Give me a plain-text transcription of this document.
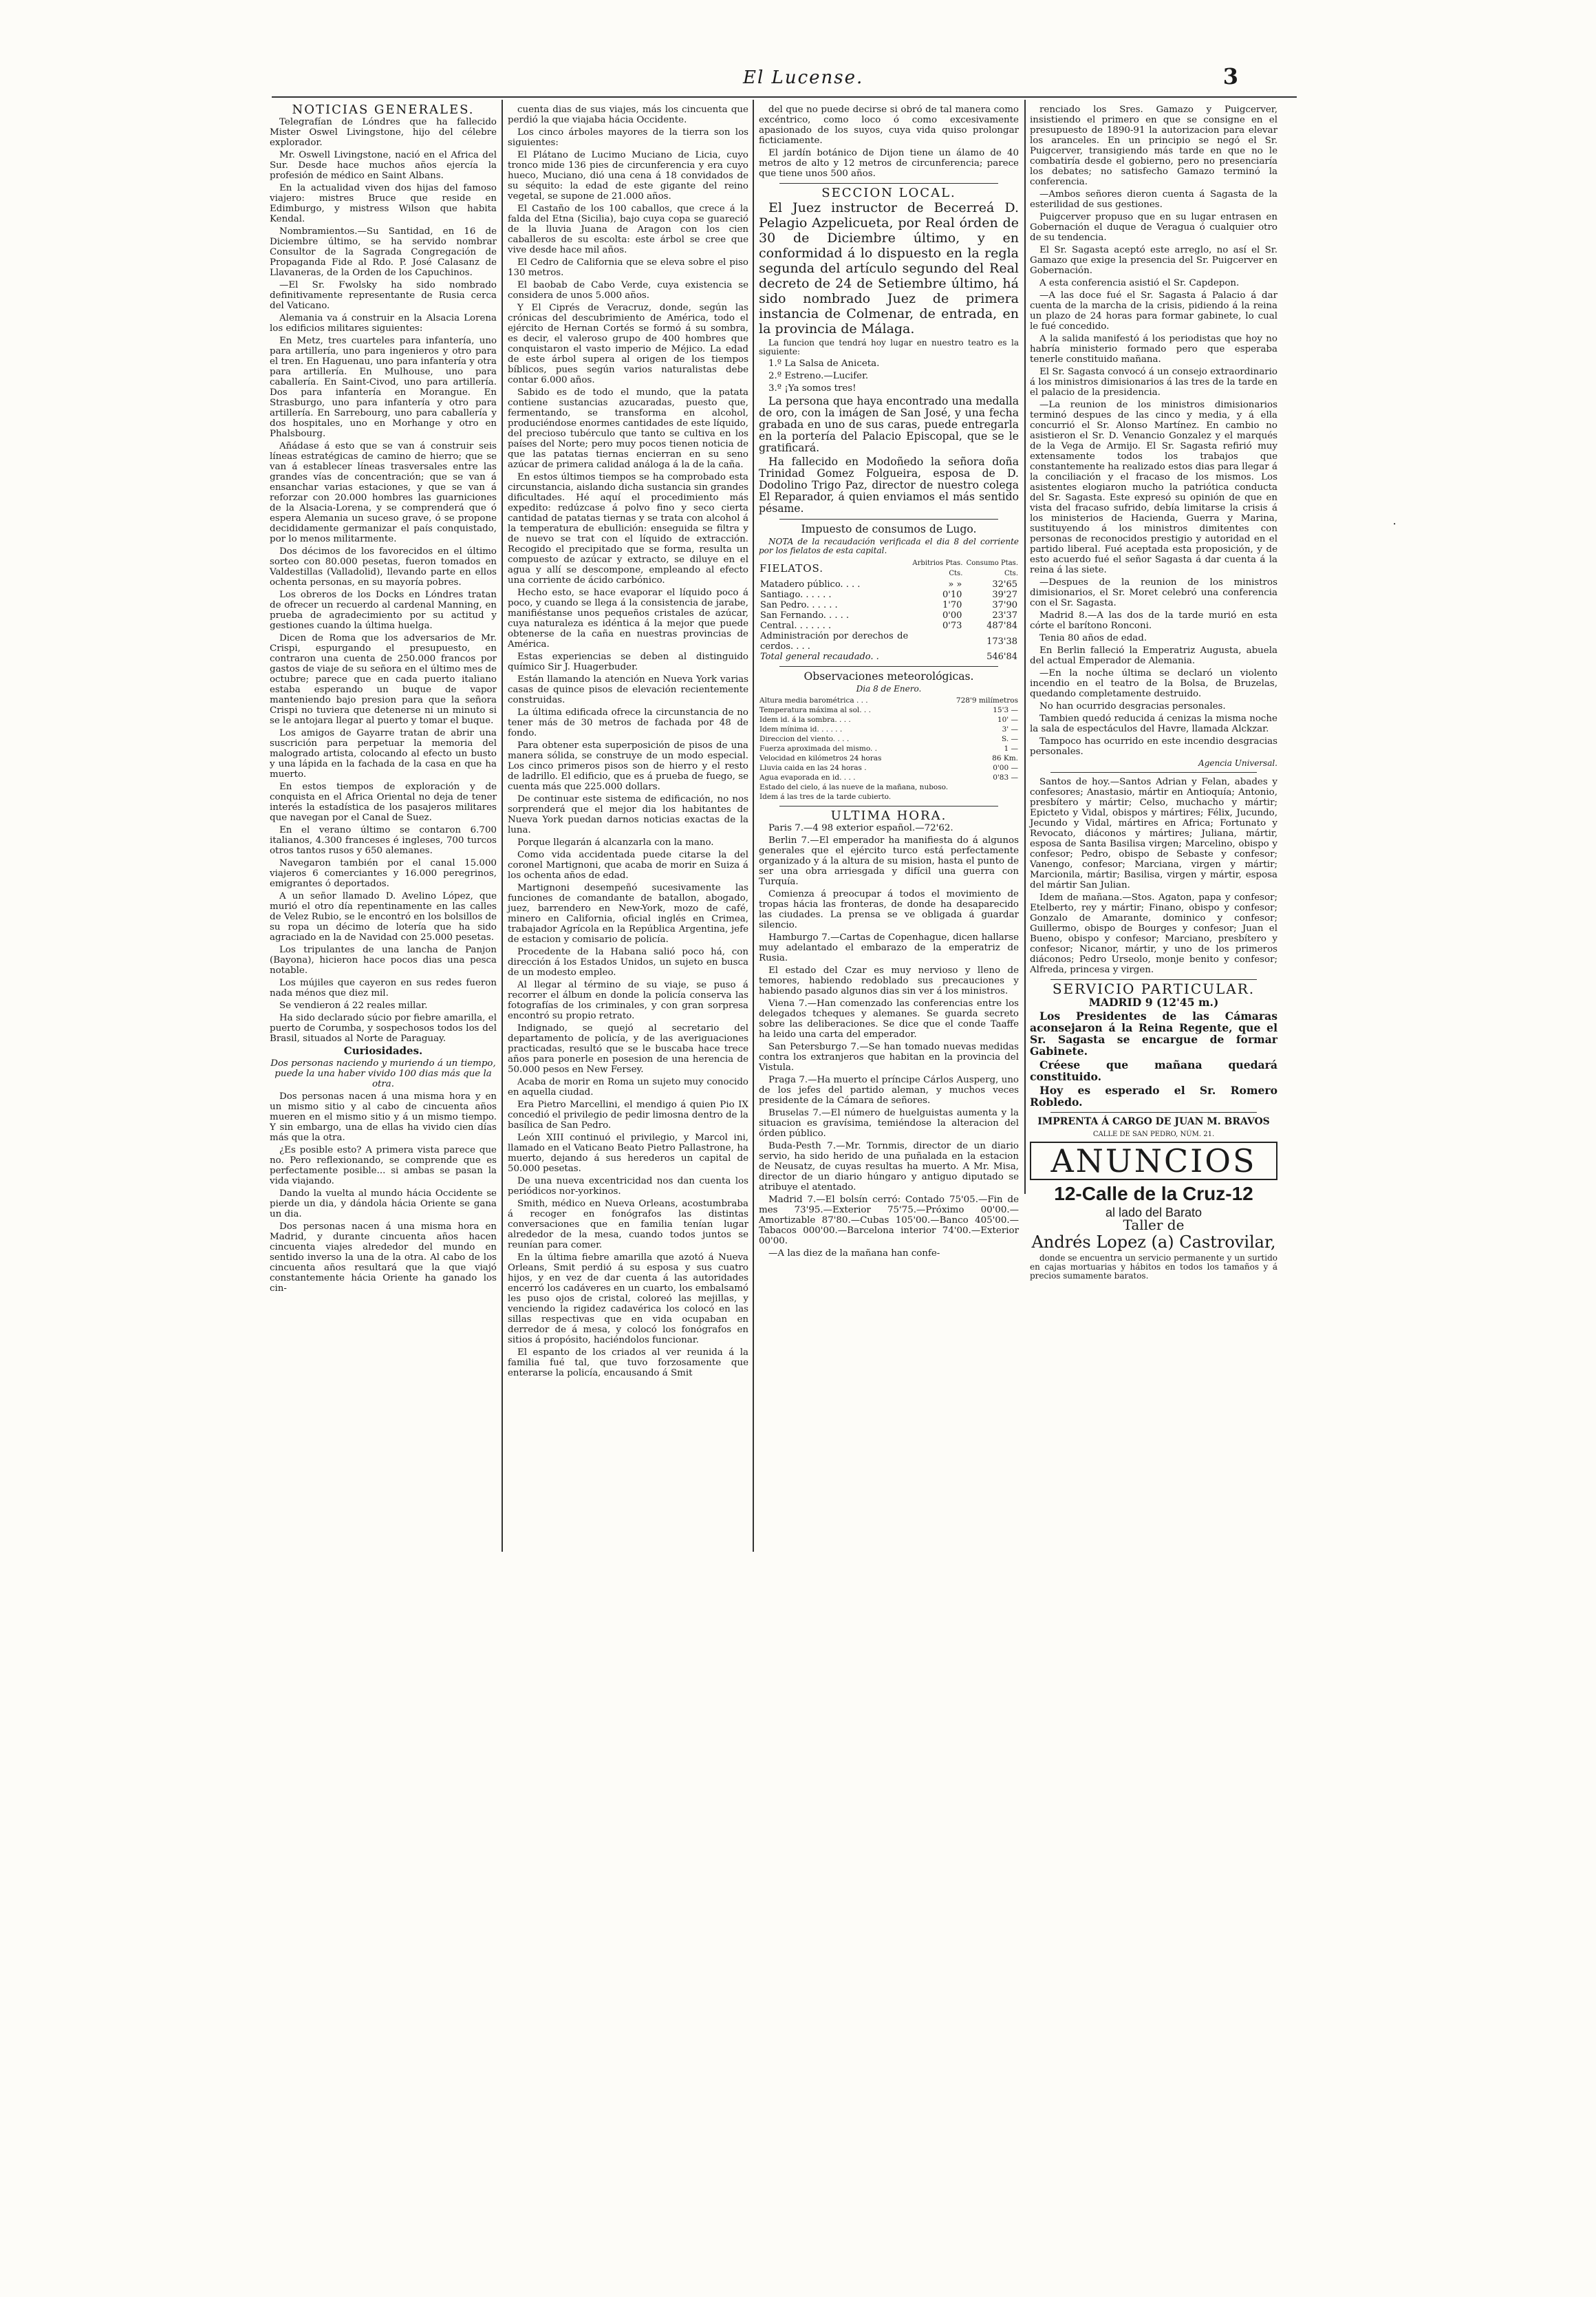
El Lucense.	3

NOTICIAS GENERALES.

Telegrafían de Lóndres que ha fallecido Mister Oswel Livingstone, hijo del célebre explorador.

Mr. Oswell Livingstone, nació en el Africa del Sur. Desde hace muchos años ejercía la profesión de médico en Saint Albans.

En la actualidad viven dos hijas del famoso viajero: mistres Bruce que reside en Edimburgo, y mistress Wilson que habita Kendal.

Nombramientos.—Su Santidad, en 16 de Diciembre último, se ha servido nombrar Consultor de la Sagrada Congregación de Propaganda Fide al Rdo. P. José Calasanz de Llavaneras, de la Orden de los Capuchinos.

—El Sr. Fwolsky ha sido nombrado definitivamente representante de Rusia cerca del Vaticano.

Alemania va á construir en la Alsacia Lorena los edificios militares siguientes:

En Metz, tres cuarteles para infantería, uno para artillería, uno para ingenieros y otro para el tren. En Haguenau, uno para infantería y otra para artillería. En Mulhouse, uno para caballería. En Saint-Civod, uno para artillería. Dos para infantería en Morangue. En Strasburgo, uno para infantería y otro para artillería. En Sarrebourg, uno para caballería y dos hospitales, uno en Morhange y otro en Phalsbourg.

Añádase á esto que se van á construir seis líneas estratégicas de camino de hierro; que se van á establecer líneas trasversales entre las grandes vías de concentración; que se van á ensanchar varias estaciones, y que se van á reforzar con 20.000 hombres las guarniciones de la Alsacia-Lorena, y se comprenderá que ó espera Alemania un suceso grave, ó se propone decididamente germanizar el país conquistado, por lo menos militarmente.

Dos décimos de los favorecidos en el último sorteo con 80.000 pesetas, fueron tomados en Valdestillas (Valladolid), llevando parte en ellos ochenta personas, en su mayoría pobres.

Los obreros de los Docks en Lóndres tratan de ofrecer un recuerdo al cardenal Manning, en prueba de agradecimiento por su actitud y gestiones cuando la última huelga.

Dicen de Roma que los adversarios de Mr. Crispi, espurgando el presupuesto, en contraron una cuenta de 250.000 francos por gastos de viaje de su señora en el último mes de octubre; parece que en cada puerto italiano estaba esperando un buque de vapor manteniendo bajo presion para que la señora Crispi no tuviera que detenerse ni un minuto si se le antojara llegar al puerto y tomar el buque.

Los amigos de Gayarre tratan de abrir una suscrición para perpetuar la memoria del malogrado artista, colocando al efecto un busto y una lápida en la fachada de la casa en que ha muerto.

En estos tiempos de exploración y de conquista en el Africa Oriental no deja de tener interés la estadística de los pasajeros militares que navegan por el Canal de Suez.

En el verano último se contaron 6.700 italianos, 4.300 franceses é ingleses, 700 turcos otros tantos rusos y 650 alemanes.

Navegaron también por el canal 15.000 viajeros 6 comerciantes y 16.000 peregrinos, emigrantes ó deportados.

A un señor llamado D. Avelino López, que murió el otro día repentinamente en las calles de Velez Rubio, se le encontró en los bolsillos de su ropa un décimo de lotería que ha sido agraciado en la de Navidad con 25.000 pesetas.

Los tripulantes de una lancha de Panjon (Bayona), hicieron hace pocos dias una pesca notable.

Los mújiles que cayeron en sus redes fueron nada ménos que diez mil.

Se vendieron á 22 reales millar.

Ha sido declarado súcio por fiebre amarilla, el puerto de Corumba, y sospechosos todos los del Brasil, situados al Norte de Paraguay.

Curiosidades.

Dos personas naciendo y muriendo á un tiempo, puede la una haber vivido 100 dias más que la otra.

Dos personas nacen á una misma hora y en un mismo sitio y al cabo de cincuenta años mueren en el mismo sitio y á un mismo tiempo. Y sin embargo, una de ellas ha vivido cien días más que la otra.

¿Es posible esto? A primera vista parece que no. Pero reflexionando, se comprende que es perfectamente posible... si ambas se pasan la vida viajando.

Dando la vuelta al mundo hácia Occidente se pierde un dia, y dándola hácia Oriente se gana un dia.

Dos personas nacen á una misma hora en Madrid, y durante cincuenta años hacen cincuenta viajes alrededor del mundo en sentido inverso la una de la otra. Al cabo de los cincuenta años resultará que la que viajó constantemente hácia Oriente ha ganado los cin-

cuenta dias de sus viajes, más los cincuenta que perdió la que viajaba hácia Occidente.

Los cinco árboles mayores de la tierra son los siguientes:

El Plátano de Lucimo Muciano de Licia, cuyo tronco mide 136 pies de circunferencia y era cuyo hueco, Muciano, dió una cena á 18 convidados de su séquito: la edad de este gigante del reino vegetal, se supone de 21.000 años.

El Castaño de los 100 caballos, que crece á la falda del Etna (Sicilia), bajo cuya copa se guareció de la lluvia Juana de Aragon con los cien caballeros de su escolta: este árbol se cree que vive desde hace mil años.

El Cedro de California que se eleva sobre el piso 130 metros.

El baobab de Cabo Verde, cuya existencia se considera de unos 5.000 años.

Y El Ciprés de Veracruz, donde, según las crónicas del descubrimiento de América, todo el ejército de Hernan Cortés se formó á su sombra, es decir, el valeroso grupo de 400 hombres que conquistaron el vasto imperio de Méjico. La edad de este árbol supera al origen de los tiempos bíblicos, pues según varios naturalistas debe contar 6.000 años.

Sabido es de todo el mundo, que la patata contiene sustancias azucaradas, puesto que, fermentando, se transforma en alcohol, produciéndose enormes cantidades de este líquido, del precioso tubérculo que tanto se cultiva en los países del Norte; pero muy pocos tienen noticia de que las patatas tiernas encierran en su seno azúcar de primera calidad análoga á la de la caña.

En estos últimos tiempos se ha comprobado esta circunstancia, aislando dicha sustancia sin grandes dificultades. Hé aquí el procedimiento más expedito: redúzcase á polvo fino y seco cierta cantidad de patatas tiernas y se trata con alcohol á la temperatura de ebullición: enseguida se filtra y de nuevo se trat con el líquido de extracción. Recogido el precipitado que se forma, resulta un compuesto de azúcar y extracto, se diluye en el agua y allí se descompone, empleando al efecto una corriente de ácido carbónico.

Hecho esto, se hace evaporar el líquido poco á poco, y cuando se llega á la consistencia de jarabe, manifiéstanse unos pequeños cristales de azúcar, cuya naturaleza es idéntica á la mejor que puede obtenerse de la caña en nuestras provincias de América.

Estas experiencias se deben al distinguido químico Sir J. Huagerbuder.

Están llamando la atención en Nueva York varias casas de quince pisos de elevación recientemente construidas.

La última edificada ofrece la circunstancia de no tener más de 30 metros de fachada por 48 de fondo.

Para obtener esta superposición de pisos de una manera sólida, se construye de un modo especial. Los cinco primeros pisos son de hierro y el resto de ladrillo. El edificio, que es á prueba de fuego, se cuenta más que 225.000 dollars.

De continuar este sistema de edificación, no nos sorprenderá que el mejor dia los habitantes de Nueva York puedan darnos noticias exactas de la luna.

Porque llegarán á alcanzarla con la mano.

Como vida accidentada puede citarse la del coronel Martignoni, que acaba de morir en Suiza á los ochenta años de edad.

Martignoni desempeñó sucesivamente las funciones de comandante de batallon, abogado, juez, barrendero en New-York, mozo de café, minero en California, oficial inglés en Crimea, trabajador Agrícola en la República Argentina, jefe de estacion y comisario de policía.

Procedente de la Habana salió poco há, con dirección á los Estados Unidos, un sujeto en busca de un modesto empleo.

Al llegar al término de su viaje, se puso á recorrer el álbum en donde la policía conserva las fotografías de los criminales, y con gran sorpresa encontró su propio retrato.

Indignado, se quejó al secretario del departamento de policía, y de las averiguaciones practicadas, resultó que se le buscaba hace trece años para ponerle en posesion de una herencia de 50.000 pesos en New Fersey.

Acaba de morir en Roma un sujeto muy conocido en aquella ciudad.

Era Pietro Marcellini, el mendigo á quien Pio IX concedió el privilegio de pedir limosna dentro de la basílica de San Pedro.

León XIII continuó el privilegio, y Marcol ini, llamado en el Vaticano Beato Pietro Pallastrone, ha muerto, dejando á sus herederos un capital de 50.000 pesetas.

De una nueva excentricidad nos dan cuenta los periódicos nor-yorkinos.

Smith, médico en Nueva Orleans, acostumbraba á recoger en fonógrafos las distintas conversaciones que en familia tenían lugar alrededor de la mesa, cuando todos juntos se reunían para comer.

En la última fiebre amarilla que azotó á Nueva Orleans, Smit perdió á su esposa y sus cuatro hijos, y en vez de dar cuenta á las autoridades encerró los cadáveres en un cuarto, los embalsamó les puso ojos de cristal, coloreó las mejillas, y venciendo la rigidez cadavérica los colocó en las sillas respectivas que en vida ocupaban en derredor de á mesa, y colocó los fonógrafos en sitios á propósito, haciéndolos funcionar.

El espanto de los criados al ver reunida á la familia fué tal, que tuvo forzosamente que enterarse la policía, encausando á Smit

del que no puede decirse si obró de tal manera como excéntrico, como loco ó como excesivamente apasionado de los suyos, cuya vida quiso prolongar ficticiamente.

El jardín botánico de Dijon tiene un álamo de 40 metros de alto y 12 metros de circunferencia; parece que tiene unos 500 años.

SECCION LOCAL.

El Juez instructor de Becerreá D. Pelagio Azpelicueta, por Real órden de 30 de Diciembre último, y en conformidad á lo dispuesto en la regla segunda del artículo segundo del Real decreto de 24 de Setiembre último, há sido nombrado Juez de primera instancia de Colmenar, de entrada, en la provincia de Málaga.

La funcion que tendrá hoy lugar en nuestro teatro es la siguiente:

1.º La Salsa de Aniceta.

2.º Estreno.—Lucifer.

3.º ¡Ya somos tres!

La persona que haya encontrado una medalla de oro, con la imágen de San José, y una fecha grabada en uno de sus caras, puede entregarla en la portería del Palacio Episcopal, que se le gratificará.

Ha fallecido en Modoñedo la señora doña Trinidad Gomez Folgueira, esposa de D. Dodolino Trigo Paz, director de nuestro colega El Reparador, á quien enviamos el más sentido pésame.

Impuesto de consumos de Lugo.

NOTA de la recaudación verificada el dia 8 del corriente por los fielatos de esta capital.

FIELATOS.	Arbitrios Ptas. Cts.	Consumo Ptas. Cts.
Matadero público. . . .	» »	32'65
Santiago. . . . . .	0'10	39'27
San Pedro. . . . . .	1'70	37'90
San Fernando. . . . .	0'00	23'37
Central. . . . . . .	0'73	487'84
Administración por derechos de cerdos. . . .		173'38
Total general recaudado. .		546'84

Observaciones meteorológicas.

Dia 8 de Enero.

Altura media barométrica . . .	728'9 milímetros
Temperatura máxima al sol. . .	15'3 —
Idem id. á la sombra. . . .	10' —
Idem mínima id. . . . . .	3' —
Direccion del viento. . . .	S. —
Fuerza aproximada del mismo. .	1 —
Velocidad en kilómetros 24 horas	86 Km.
Lluvia caida en las 24 horas .	0'00 —
Agua evaporada en id. . . .	0'83 —
Estado del cielo, á las nueve de la mañana, nuboso.	
Idem á las tres de la tarde cubierto.	

ULTIMA HORA.

Paris 7.—4 98 exterior español.—72'62.

Berlin 7.—El emperador ha manifiesta do á algunos generales que el ejército turco está perfectamente organizado y á la altura de su mision, hasta el punto de ser una obra arriesgada y difícil una guerra con Turquía.

Comienza á preocupar á todos el movimiento de tropas hácia las fronteras, de donde ha desaparecido las ciudades. La prensa se ve obligada á guardar silencio.

Hamburgo 7.—Cartas de Copenhague, dicen hallarse muy adelantado el embarazo de la emperatriz de Rusia.

El estado del Czar es muy nervioso y lleno de temores, habiendo redoblado sus precauciones y habiendo pasado algunos dias sin ver á los ministros.

Viena 7.—Han comenzado las conferencias entre los delegados tcheques y alemanes. Se guarda secreto sobre las deliberaciones. Se dice que el conde Taaffe ha leido una carta del emperador.

San Petersburgo 7.—Se han tomado nuevas medidas contra los extranjeros que habitan en la provincia del Vistula.

Praga 7.—Ha muerto el príncipe Cárlos Ausperg, uno de los jefes del partido aleman, y muchos veces presidente de la Cámara de señores.

Bruselas 7.—El número de huelguistas aumenta y la situacion es gravísima, temiéndose la alteracion del órden público.

Buda-Pesth 7.—Mr. Tornmis, director de un diario servio, ha sido herido de una puñalada en la estacion de Neusatz, de cuyas resultas ha muerto. A Mr. Misa, director de un diario húngaro y antiguo diputado se atribuye el atentado.

Madrid 7.—El bolsín cerró: Contado 75'05.—Fin de mes 73'95.—Exterior 75'75.—Próximo 00'00.—Amortizable 87'80.—Cubas 105'00.—Banco 405'00.—Tabacos 000'00.—Barcelona interior 74'00.—Exterior 00'00.

—A las diez de la mañana han confe-

renciado los Sres. Gamazo y Puigcerver, insistiendo el primero en que se consigne en el presupuesto de 1890-91 la autorizacion para elevar los aranceles. En un principio se negó el Sr. Puigcerver, transigiendo más tarde en que no le combatiría desde el gobierno, pero no presenciaría los debates; no satisfecho Gamazo terminó la conferencia.

—Ambos señores dieron cuenta á Sagasta de la esterilidad de sus gestiones.

Puigcerver propuso que en su lugar entrasen en Gobernación el duque de Veragua ó cualquier otro de su tendencia.

El Sr. Sagasta aceptó este arreglo, no así el Sr. Gamazo que exige la presencia del Sr. Puigcerver en Gobernación.

A esta conferencia asistió el Sr. Capdepon.

—A las doce fué el Sr. Sagasta á Palacio á dar cuenta de la marcha de la crisis, pidiendo á la reina un plazo de 24 horas para formar gabinete, lo cual le fué concedido.

A la salida manifestó á los periodistas que hoy no habría ministerio formado pero que esperaba tenerle constituido mañana.

El Sr. Sagasta convocó á un consejo extraordinario á los ministros dimisionarios á las tres de la tarde en el palacio de la presidencia.

—La reunion de los ministros dimisionarios terminó despues de las cinco y media, y á ella concurrió el Sr. Alonso Martínez. En cambio no asistieron el Sr. D. Venancio Gonzalez y el marqués de la Vega de Armijo. El Sr. Sagasta refirió muy extensamente todos los trabajos que constantemente ha realizado estos dias para llegar á la conciliación y el fracaso de los mismos. Los asistentes elogiaron mucho la patriótica conducta del Sr. Sagasta. Este expresó su opinión de que en vista del fracaso sufrido, debía limitarse la crisis á los ministerios de Hacienda, Guerra y Marina, sustituyendo á los ministros dimitentes con personas de reconocidos prestigio y autoridad en el partido liberal. Fué aceptada esta proposición, y de esto acuerdo fué el señor Sagasta á dar cuenta á la reina á las siete.

—Despues de la reunion de los ministros dimisionarios, el Sr. Moret celebró una conferencia con el Sr. Sagasta.

Madrid 8.—A las dos de la tarde murió en esta córte el barítono Ronconi.

Tenia 80 años de edad.

En Berlin falleció la Emperatriz Augusta, abuela del actual Emperador de Alemania.

—En la noche última se declaró un violento incendio en el teatro de la Bolsa, de Bruzelas, quedando completamente destruido.

No han ocurrido desgracias personales.

Tambien quedó reducida á cenizas la misma noche la sala de espectáculos del Havre, llamada Alckzar.

Tampoco has ocurrido en este incendio desgracias personales.

Agencia Universal.

Santos de hoy.—Santos Adrian y Felan, abades y confesores; Anastasio, mártir en Antioquía; Antonio, presbítero y mártir; Celso, muchacho y mártir; Epicteto y Vidal, obispos y mártires; Félix, Jucundo, Jecundo y Vidal, mártires en Africa; Fortunato y Revocato, diáconos y mártires; Juliana, mártir, esposa de Santa Basilisa virgen; Marcelino, obispo y confesor; Pedro, obispo de Sebaste y confesor; Vanengo, confesor; Marciana, virgen y mártir; Marcionila, mártir; Basilisa, virgen y mártir, esposa del mártir San Julian.

Idem de mañana.—Stos. Agaton, papa y confesor; Etelberto, rey y mártir; Finano, obispo y confesor; Gonzalo de Amarante, dominico y confesor; Guillermo, obispo de Bourges y confesor; Juan el Bueno, obispo y confesor; Marciano, presbítero y confesor; Nicanor, mártir, y uno de los primeros diáconos; Pedro Urseolo, monje benito y confesor; Alfreda, princesa y virgen.

SERVICIO PARTICULAR.

MADRID 9 (12'45 m.)

Los Presidentes de las Cámaras aconsejaron á la Reina Regente, que el Sr. Sagasta se encargue de formar Gabinete.

Créese que mañana quedará constituido.

Hoy es esperado el Sr. Romero Robledo.

IMPRENTA Á CARGO DE JUAN M. BRAVOS

CALLE DE SAN PEDRO, NÚM. 21.

ANUNCIOS

12-Calle de la Cruz-12

al lado del Barato

Taller de

Andrés Lopez (a) Castrovilar,

donde se encuentra un servicio permanente y un surtido en cajas mortuarias y hábitos en todos los tamaños y á precios sumamente baratos.

⸱
